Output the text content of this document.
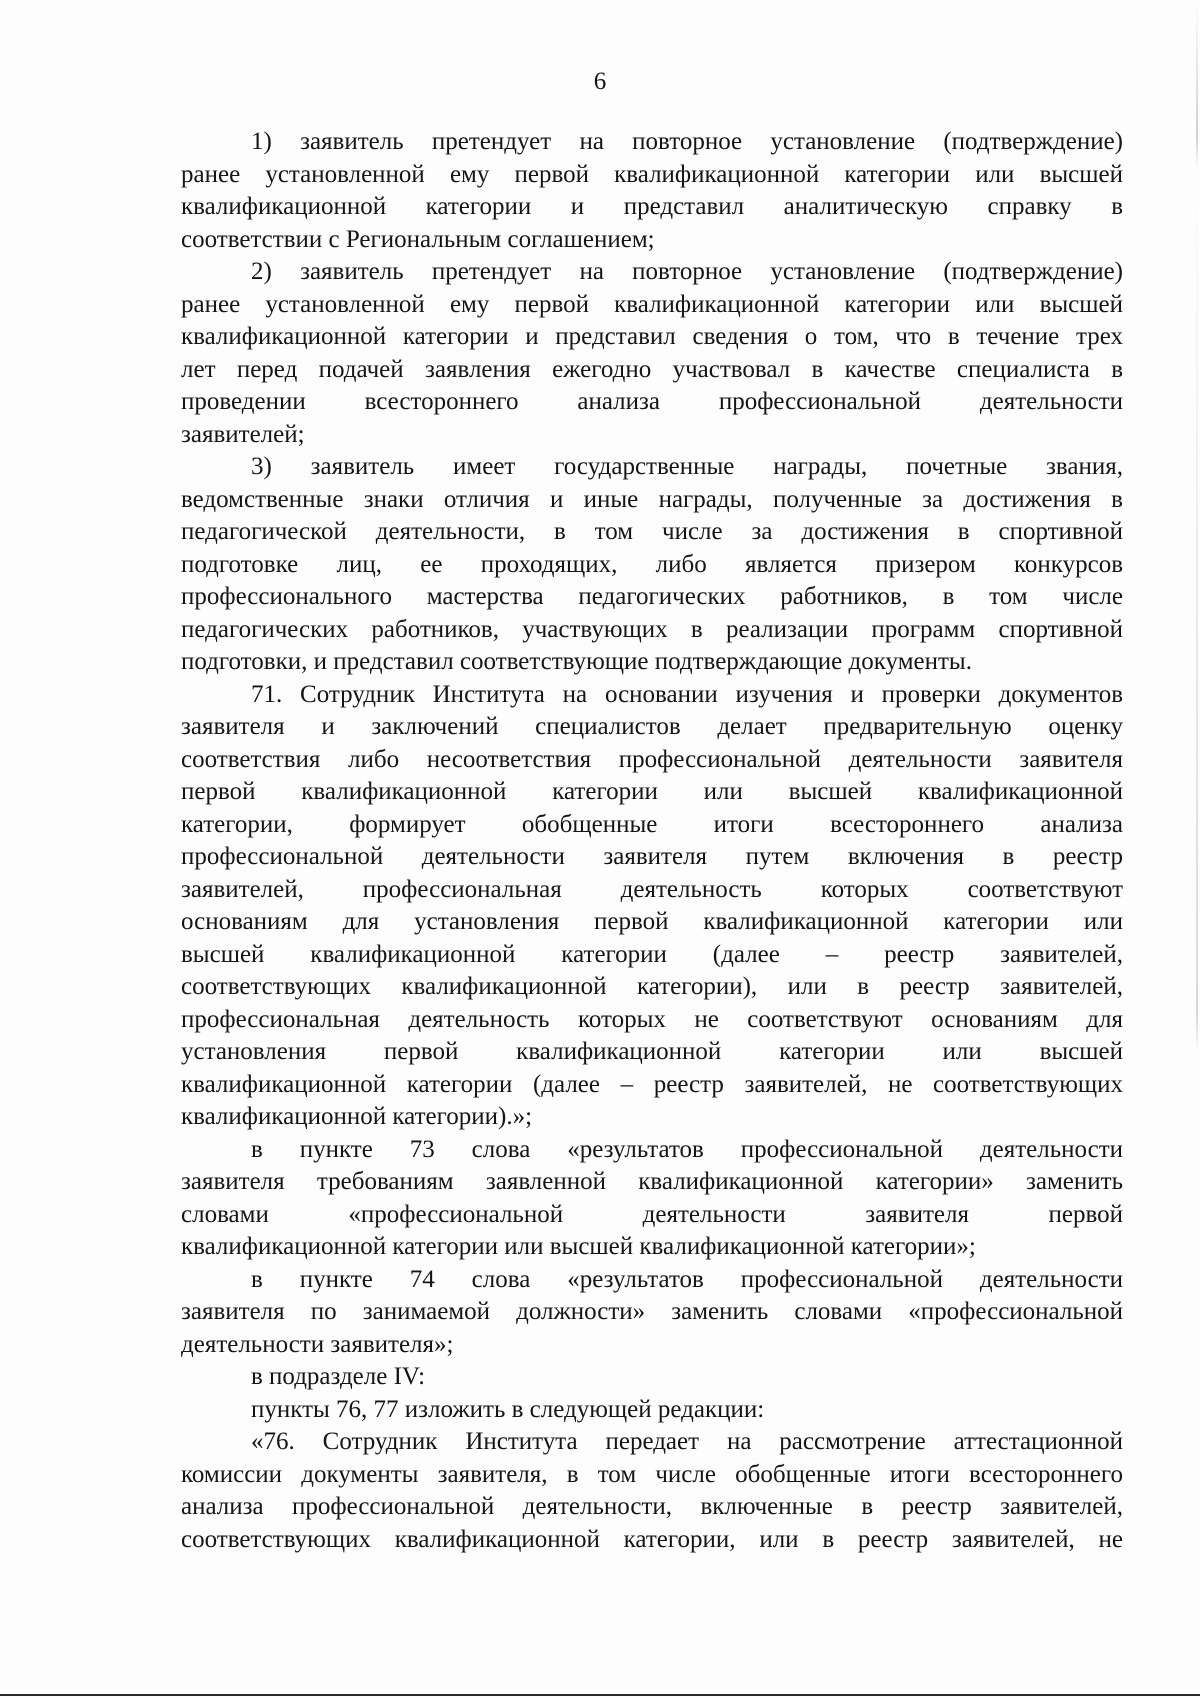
6
1) заявитель претендует на повторное установление (подтверждение)
ранее установленной ему первой квалификационной категории или высшей
квалификационной категории и представил аналитическую справку в
соответствии с Региональным соглашением;
2) заявитель претендует на повторное установление (подтверждение)
ранее установленной ему первой квалификационной категории или высшей
квалификационной категории и представил сведения о том, что в течение трех
лет перед подачей заявления ежегодно участвовал в качестве специалиста в
проведении всестороннего анализа профессиональной деятельности
заявителей;
3) заявитель имеет государственные награды, почетные звания,
ведомственные знаки отличия и иные награды, полученные за достижения в
педагогической деятельности, в том числе за достижения в спортивной
подготовке лиц, ее проходящих, либо является призером конкурсов
профессионального мастерства педагогических работников, в том числе
педагогических работников, участвующих в реализации программ спортивной
подготовки, и представил соответствующие подтверждающие документы.
71. Сотрудник Института на основании изучения и проверки документов
заявителя и заключений специалистов делает предварительную оценку
соответствия либо несоответствия профессиональной деятельности заявителя
первой квалификационной категории или высшей квалификационной
категории, формирует обобщенные итоги всестороннего анализа
профессиональной деятельности заявителя путем включения в реестр
заявителей, профессиональная деятельность которых соответствуют
основаниям для установления первой квалификационной категории или
высшей квалификационной категории (далее – реестр заявителей,
соответствующих квалификационной категории), или в реестр заявителей,
профессиональная деятельность которых не соответствуют основаниям для
установления первой квалификационной категории или высшей
квалификационной категории (далее – реестр заявителей, не соответствующих
квалификационной категории).»;
в пункте 73 слова «результатов профессиональной деятельности
заявителя требованиям заявленной квалификационной категории» заменить
словами «профессиональной деятельности заявителя первой
квалификационной категории или высшей квалификационной категории»;
в пункте 74 слова «результатов профессиональной деятельности
заявителя по занимаемой должности» заменить словами «профессиональной
деятельности заявителя»;
в подразделе IV:
пункты 76, 77 изложить в следующей редакции:
«76. Сотрудник Института передает на рассмотрение аттестационной
комиссии документы заявителя, в том числе обобщенные итоги всестороннего
анализа профессиональной деятельности, включенные в реестр заявителей,
соответствующих квалификационной категории, или в реестр заявителей, не
